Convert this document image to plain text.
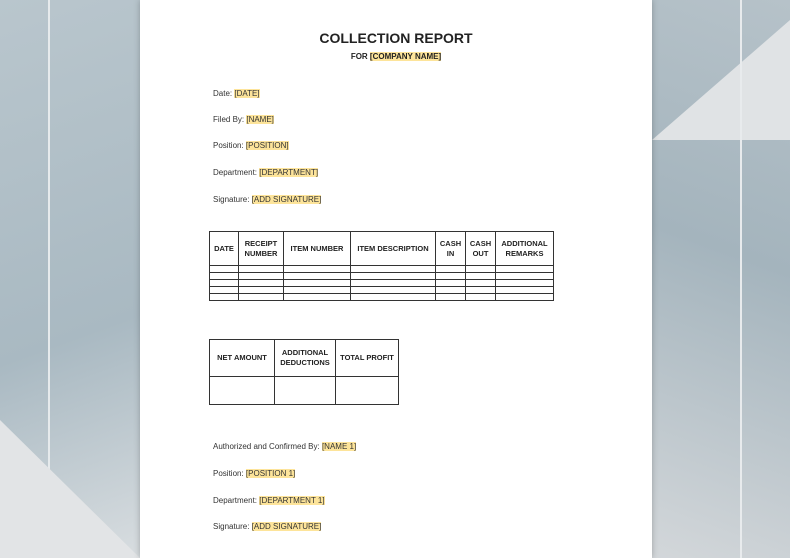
COLLECTION REPORT
FOR [COMPANY NAME]
Date: [DATE]
Filed By: [NAME]
Position: [POSITION]
Department: [DEPARTMENT]
Signature: [ADD SIGNATURE]
DATE	RECEIPT NUMBER	ITEM NUMBER	ITEM DESCRIPTION	CASH IN	CASH OUT	ADDITIONAL REMARKS

NET AMOUNT	ADDITIONAL DEDUCTIONS	TOTAL PROFIT

Authorized and Confirmed By: [NAME 1]
Position: [POSITION 1]
Department: [DEPARTMENT 1]
Signature: [ADD SIGNATURE]
